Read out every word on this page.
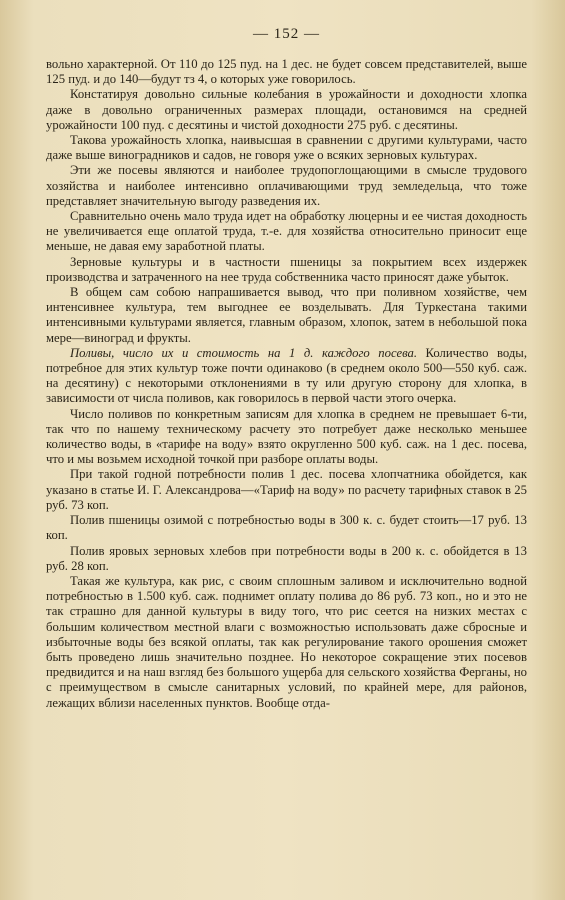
— 152 —

вольно характерной. От 110 до 125 пуд. на 1 дес. не будет совсем представителей, выше 125 пуд. и до 140—будут тз 4, о которых уже говорилось.

Констатируя довольно сильные колебания в урожайности и доходности хлопка даже в довольно ограниченных размерах площади, остановимся на средней урожайности 100 пуд. с десятины и чистой доходности 275 руб. с десятины.

Такова урожайность хлопка, наивысшая в сравнении с другими культурами, часто даже выше виноградников и садов, не говоря уже о всяких зерновых культурах.

Эти же посевы являются и наиболее трудопоглощающими в смысле трудового хозяйства и наиболее интенсивно оплачивающими труд земледельца, что тоже представляет значительную выгоду разведения их.

Сравнительно очень мало труда идет на обработку люцерны и ее чистая доходность не увеличивается еще оплатой труда, т.-е. для хозяйства относительно приносит еще меньше, не давая ему заработной платы.

Зерновые культуры и в частности пшеницы за покрытием всех издержек производства и затраченного на нее труда собственника часто приносят даже убыток.

В общем сам собою напрашивается вывод, что при поливном хозяйстве, чем интенсивнее культура, тем выгоднее ее возделывать. Для Туркестана такими интенсивными культурами является, главным образом, хлопок, затем в небольшой пока мере—виноград и фрукты.

Поливы, число их и стоимость на 1 д. каждого посева. Количество воды, потребное для этих культур тоже почти одинаково (в среднем около 500—550 куб. саж. на десятину) с некоторыми отклонениями в ту или другую сторону для хлопка, в зависимости от числа поливов, как говорилось в первой части этого очерка.

Число поливов по конкретным записям для хлопка в среднем не превышает 6-ти, так что по нашему техническому расчету это потребует даже несколько меньшее количество воды, в «тарифе на воду» взято округленно 500 куб. саж. на 1 дес. посева, что и мы возьмем исходной точкой при разборе оплаты воды.

При такой годной потребности полив 1 дес. посева хлопчатника обойдется, как указано в статье И. Г. Александрова—«Тариф на воду» по расчету тарифных ставок в 25 руб. 73 коп.

Полив пшеницы озимой с потребностью воды в 300 к. с. будет стоить—17 руб. 13 коп.

Полив яровых зерновых хлебов при потребности воды в 200 к. с. обойдется в 13 руб. 28 коп.

Такая же культура, как рис, с своим сплошным заливом и исключительно водной потребностью в 1.500 куб. саж. поднимет оплату полива до 86 руб. 73 коп., но и это не так страшно для данной культуры в виду того, что рис сеется на низких местах с большим количеством местной влаги с возможностью использовать даже сбросные и избыточные воды без всякой оплаты, так как регулирование такого орошения сможет быть проведено лишь значительно позднее. Но некоторое сокращение этих посевов предвидится и на наш взгляд без большого ущерба для сельского хозяйства Ферганы, но с преимуществом в смысле санитарных условий, по крайней мере, для районов, лежащих вблизи населенных пунктов. Вообще отда-
